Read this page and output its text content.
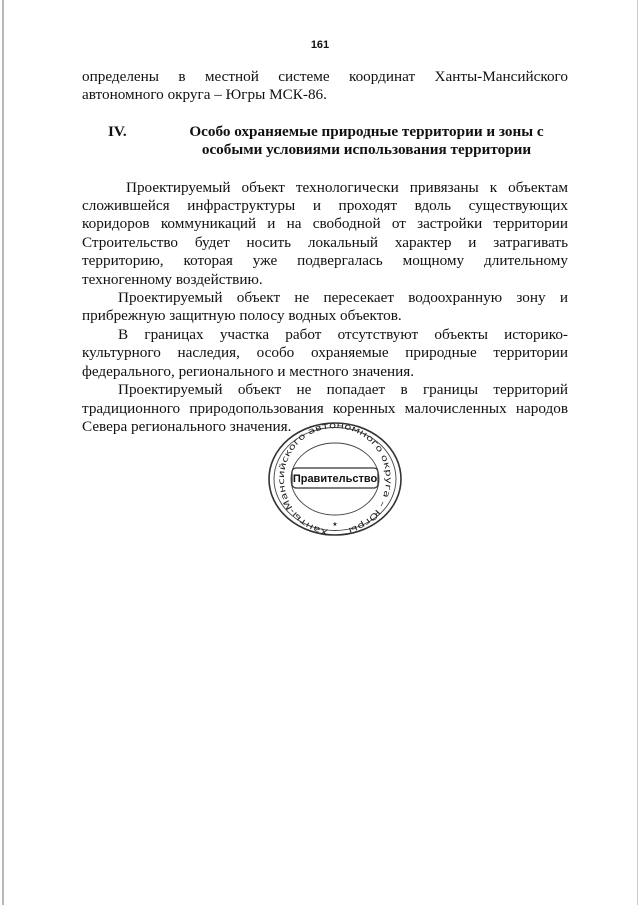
161

определены в местной системе координат Ханты-Мансийского

автономного округа – Югры МСК-86.

IV.	Особо охраняемые природные территории и зоны с особыми условиями использования территории

Проектируемый объект технологически привязаны к объектам сложившейся инфраструктуры и проходят вдоль существующих коридоров коммуникаций и на свободной от застройки территории Строительство будет носить локальный характер и затрагивать территорию, которая уже подвергалась мощному длительному техногенному воздействию.

Проектируемый объект не пересекает водоохранную зону и прибрежную защитную полосу водных объектов.

В границах участка работ отсутствуют объекты историко-культурного наследия, особо охраняемые природные территории федерального, регионального и местного значения.

Проектируемый объект не попадает в границы территорий традиционного природопользования коренных малочисленных народов Севера регионального значения.

Ханты-Мансийского автономного округа – Югры
Правительство
★
